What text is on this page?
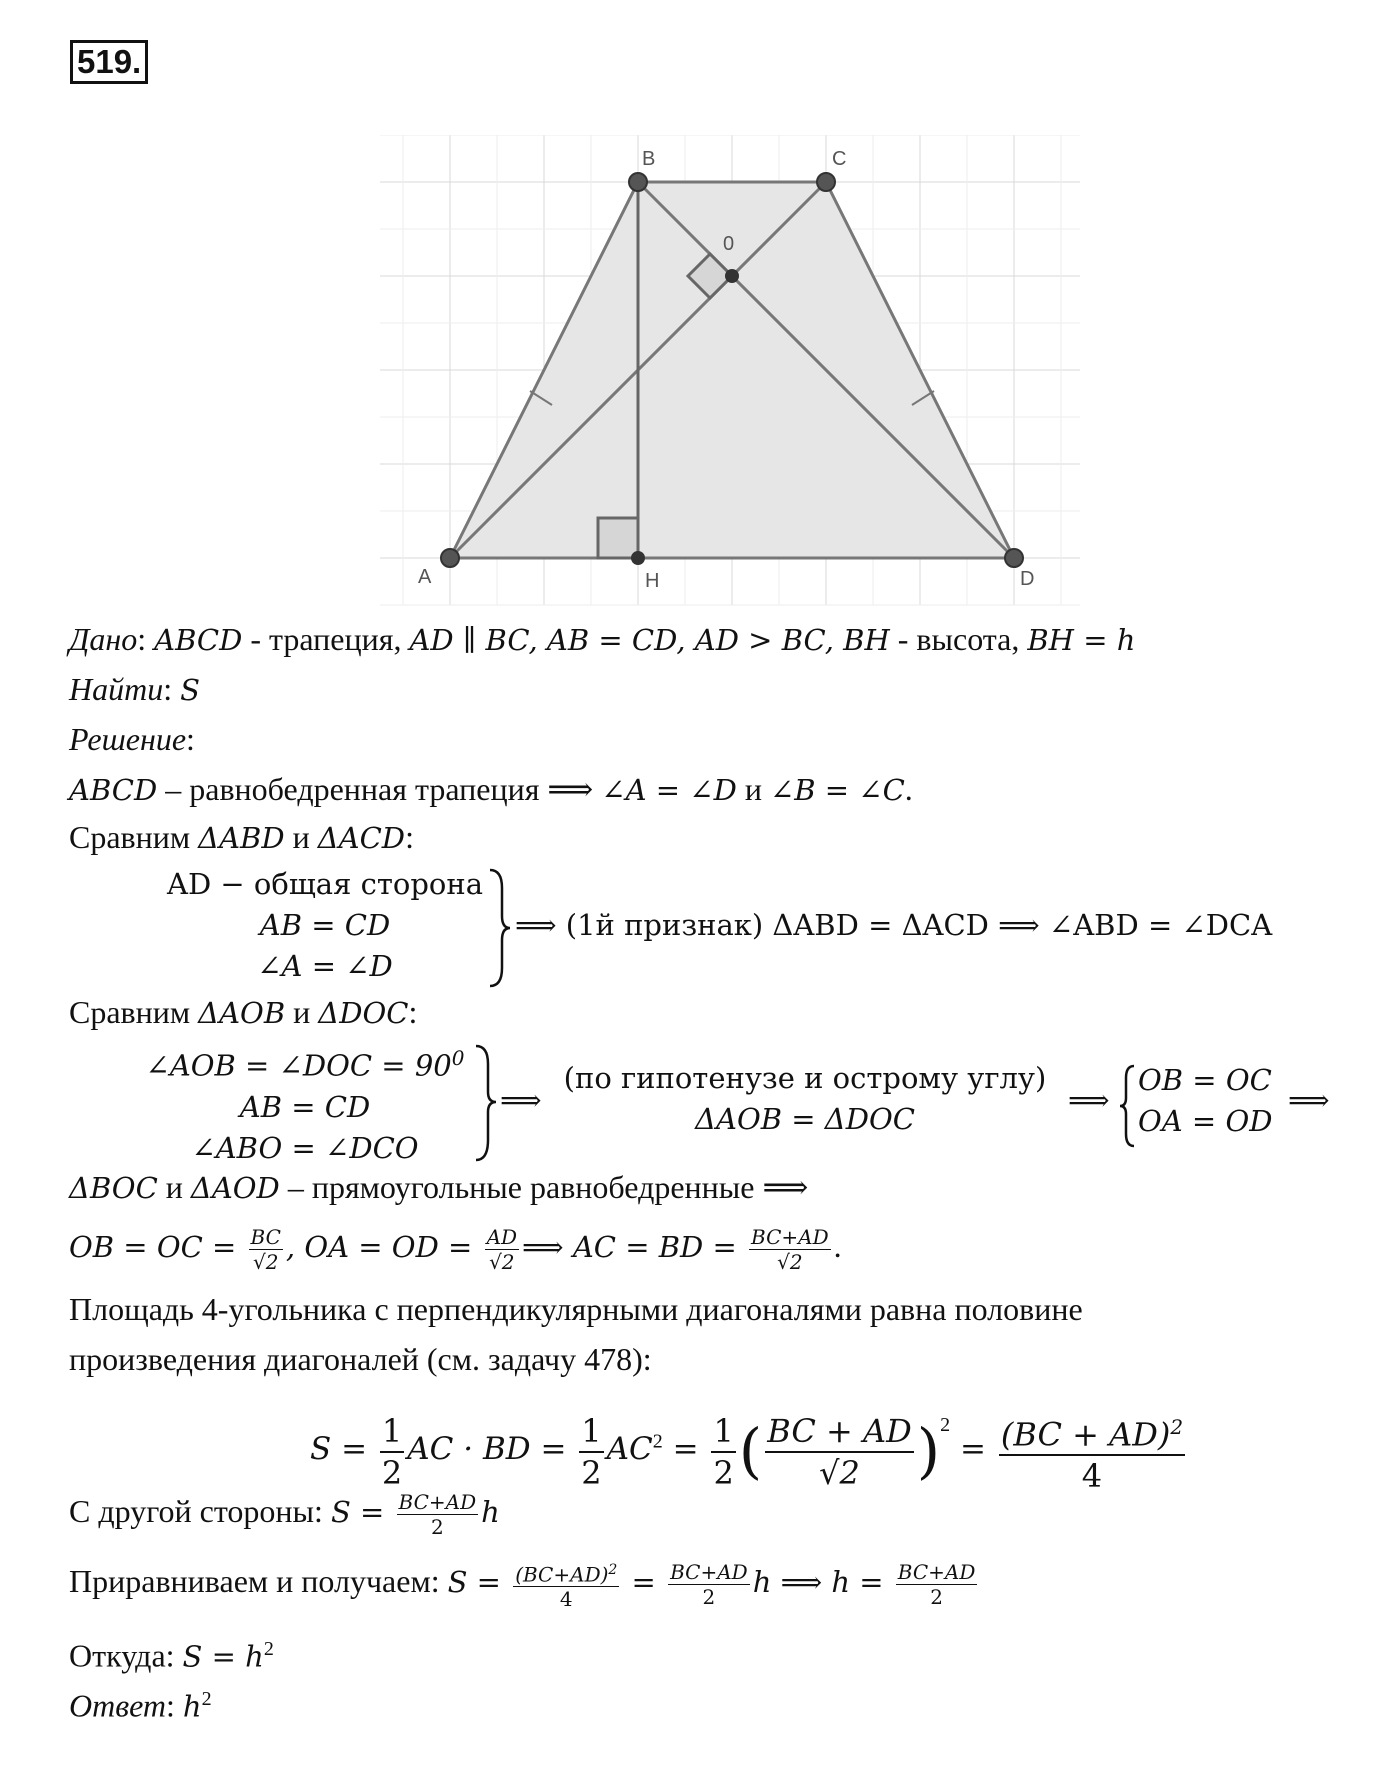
519.
A
B	C
D
H
0
Дано: ABCD - трапеция, AD ∥ BC, AB = CD, AD > BC, BH - высота, BH = h
Найти: S
Решение:
ABCD – равнобедренная трапеция ⟹ ∠A = ∠D и ∠B = ∠C.
Сравним ΔABD и ΔACD:
AD − общая сторона
AB = CD
∠A = ∠D
⟹ (1й признак) ΔABD = ΔACD ⟹ ∠ABD = ∠DCA
Сравним ΔAOB и ΔDOC:
∠AOB = ∠DOC = $90^0$
AB = CD
∠ABO = ∠DCO
⟹
(по гипотенузе и острому углу)
ΔAOB = ΔDOC
⟹
OB = OC
OA = OD
⟹
ΔBOC и ΔAOD – прямоугольные равнобедренные ⟹
OB = OC = $\frac{BC}{√2}$ , OA = OD = $\frac{AD}{√2}$ ⟹ AC = BD = $\frac{BC+AD}{√2}$ .
Площадь 4-угольника с перпендикулярными диагоналями равна половине
произведения диагоналей (см. задачу 478):
$S = \frac{1}{2}$ AC · BD = $\frac{1}{2} AC^2 = \frac{1}{2}$ ( $\frac{BC + AD}{√2} )^2 = \frac{(BC + AD)^2}{4}$
С другой стороны: $S = \frac{BC+AD}{2}$ h
Приравниваем и получаем: $S = \frac{(BC+AD)^2}{4} = \frac{BC+AD}{2}$ h ⟹ $h = \frac{BC+AD}{2}$
Откуда: $S = h^2$
Ответ: $h^2$
